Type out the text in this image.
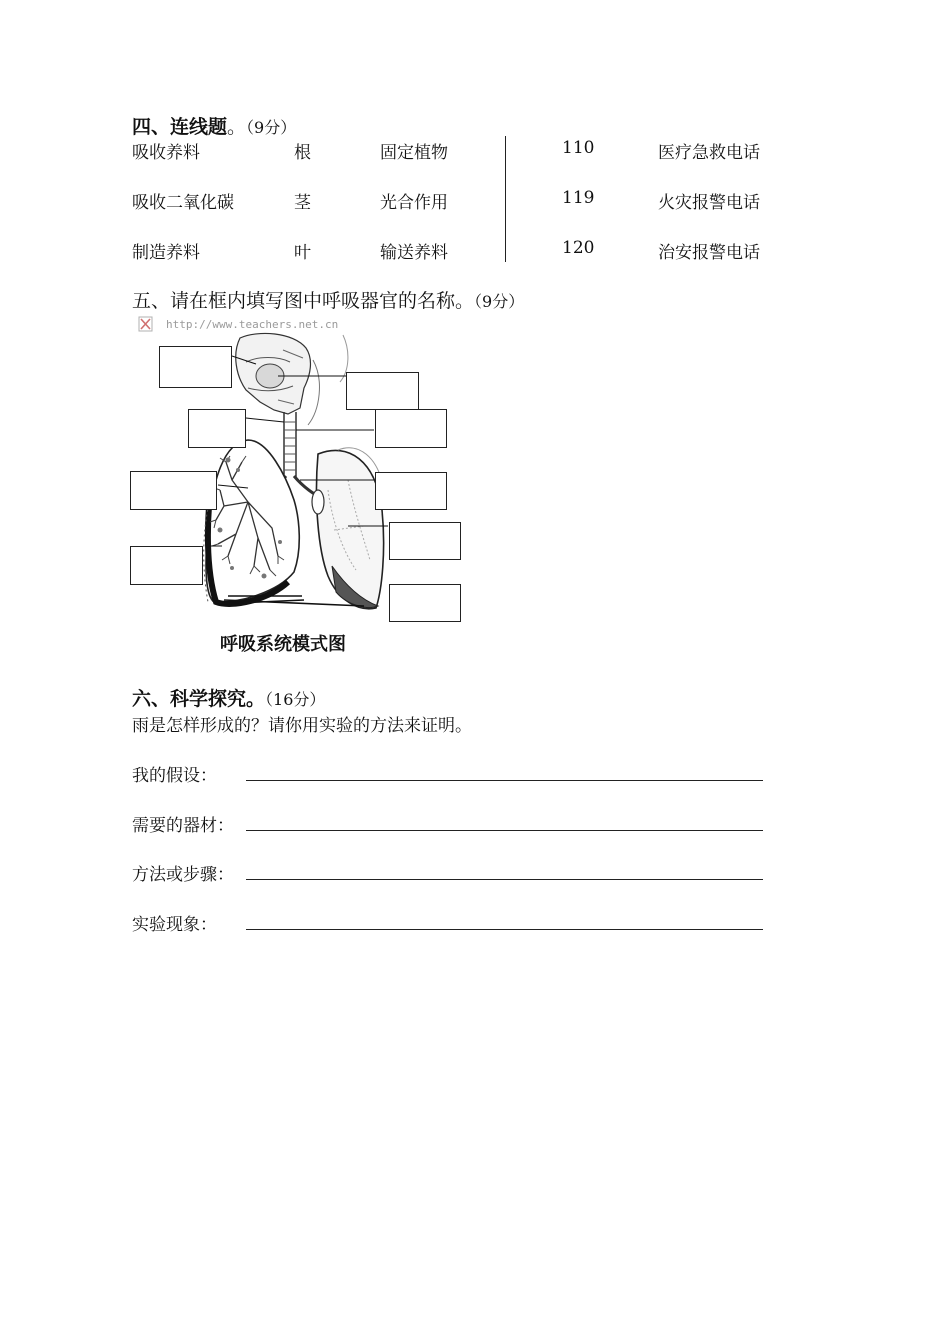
四、连线题。（9分）
吸收养料
吸收二氧化碳
制造养料
根
茎
叶
固定植物
光合作用
输送养料
110
119
120
医疗急救电话
火灾报警电话
治安报警电话
五、请在框内填写图中呼吸器官的名称。（9分）
http://www.teachers.net.cn
呼吸系统模式图
六、科学探究。（16分）
雨是怎样形成的？请你用实验的方法来证明。
我的假设：
需要的器材：
方法或步骤：
实验现象：
